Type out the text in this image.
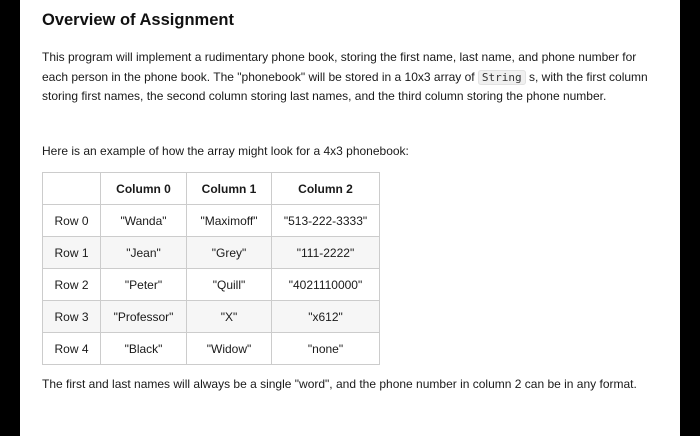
Overview of Assignment

This program will implement a rudimentary phone book, storing the first name, last name, and phone number for each person in the phone book. The "phonebook" will be stored in a 10x3 array of String s, with the first column storing first names, the second column storing last names, and the third column storing the phone number.

Here is an example of how the array might look for a 4x3 phonebook:

	Column 0	Column 1	Column 2
Row 0	"Wanda"	"Maximoff"	"513-222-3333"
Row 1	"Jean"	"Grey"	"111-2222"
Row 2	"Peter"	"Quill"	"4021110000"
Row 3	"Professor"	"X"	"x612"
Row 4	"Black"	"Widow"	"none"

The first and last names will always be a single "word", and the phone number in column 2 can be in any format.
